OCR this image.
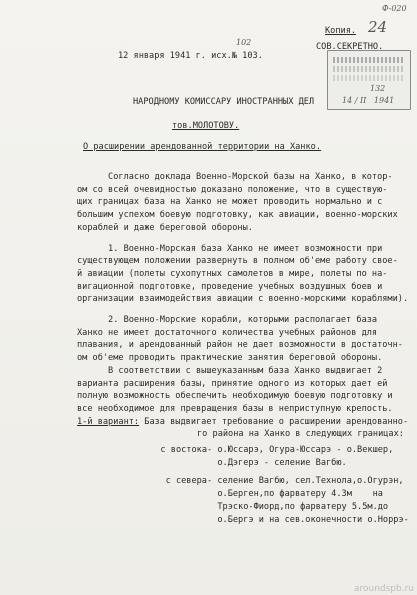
Ф-020
Копия. 24
12 января 1941 г. исх.№ 103.
102	СОВ.СЕКРЕТНО.
132
14 / II   1941
НАРОДНОМУ КОМИССАРУ ИНОСТРАННЫХ ДЕЛ
тов.МОЛОТОВУ.
О расширении арендованной территории на Ханко.
Согласно доклада Военно-Морской базы на Ханко, в котор-
ом со всей очевидностью доказано положение, что в существую-
щих границах база на Ханко не может проводить нормально и с
большим успехом боевую подготовку, как авиации, военно-морских
кораблей и даже береговой обороны.
1. Военно-Морская база Ханко не имеет возможности при
существующем положении развернуть в полном об'еме работу свое-
й авиации (полеты сухопутных самолетов в мире, полеты по на-
вигационной подготовке, проведение учебных воздушных боев и
организации взаимодействия авиации с военно-морскими кораблями).
2. Военно-Морские корабли, которыми располагает база
Ханко не имеет достаточного количества учебных районов для
плавания, и арендованный район не дает возможности в достаточн-
ом об'еме проводить практические занятия береговой обороны.
В соответствии с вышеуказанным база Ханко выдвигает 2
варианта расширения базы, принятие одного из которых дает ей
полную возможность обеспечить необходимую боевую подготовку и
все необходимое для превращения базы в неприступную крепость.
1-й вариант: База выдвигает требование о расширении арендованно-
го района на Ханко в следующих границах:
с востока- о.Юссарэ, Огура-Юссарэ - о.Векшер,
о.Дэгерэ - селение Вагбю.
с севера- селение Вагбю, сел.Технола,о.Огурэн,
о.Берген,по фарватеру 4.3м    на
Трэско-Фиорд,по фарватеру 5.5м.до
о.Бергэ и на сев.оконечности о.Норрэ-
aroundspb.ru
